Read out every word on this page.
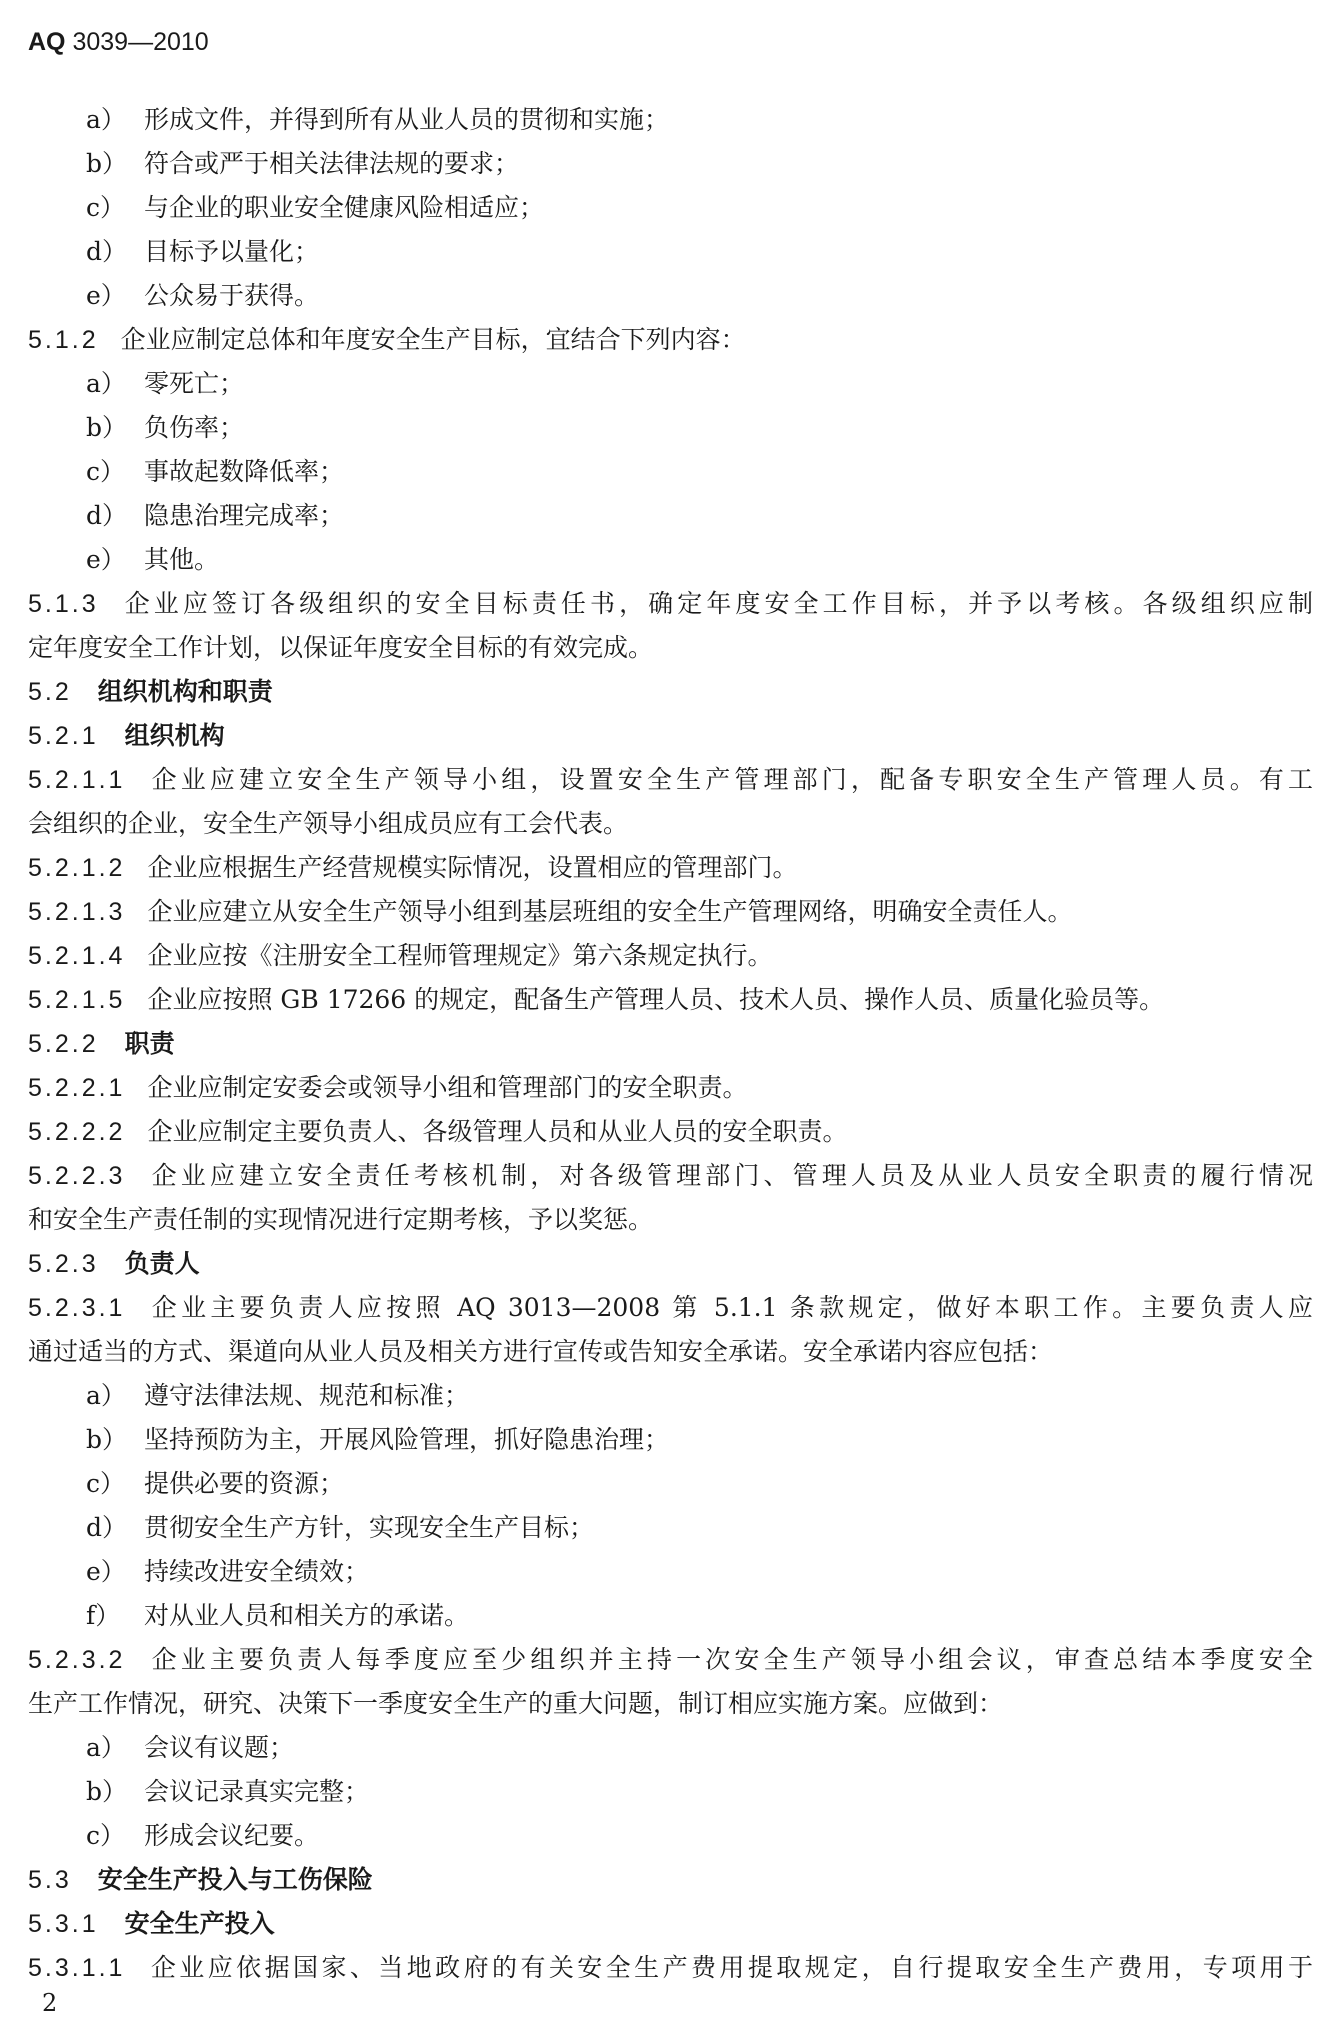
AQ 3039—2010
a） 形成文件，并得到所有从业人员的贯彻和实施；
b） 符合或严于相关法律法规的要求；
c） 与企业的职业安全健康风险相适应；
d） 目标予以量化；
e） 公众易于获得。
5.1.2 企业应制定总体和年度安全生产目标，宜结合下列内容：
a） 零死亡；
b） 负伤率；
c） 事故起数降低率；
d） 隐患治理完成率；
e） 其他。
5.1.3 企业应签订各级组织的安全目标责任书，确定年度安全工作目标，并予以考核。各级组织应制
定年度安全工作计划，以保证年度安全目标的有效完成。
5.2 组织机构和职责
5.2.1 组织机构
5.2.1.1 企业应建立安全生产领导小组，设置安全生产管理部门，配备专职安全生产管理人员。有工
会组织的企业，安全生产领导小组成员应有工会代表。
5.2.1.2 企业应根据生产经营规模实际情况，设置相应的管理部门。
5.2.1.3 企业应建立从安全生产领导小组到基层班组的安全生产管理网络，明确安全责任人。
5.2.1.4 企业应按《注册安全工程师管理规定》第六条规定执行。
5.2.1.5 企业应按照 GB 17266 的规定，配备生产管理人员、技术人员、操作人员、质量化验员等。
5.2.2 职责
5.2.2.1 企业应制定安委会或领导小组和管理部门的安全职责。
5.2.2.2 企业应制定主要负责人、各级管理人员和从业人员的安全职责。
5.2.2.3 企业应建立安全责任考核机制，对各级管理部门、管理人员及从业人员安全职责的履行情况
和安全生产责任制的实现情况进行定期考核，予以奖惩。
5.2.3 负责人
5.2.3.1 企业主要负责人应按照 AQ 3013—2008 第 5.1.1 条款规定，做好本职工作。主要负责人应
通过适当的方式、渠道向从业人员及相关方进行宣传或告知安全承诺。安全承诺内容应包括：
a） 遵守法律法规、规范和标准；
b） 坚持预防为主，开展风险管理，抓好隐患治理；
c） 提供必要的资源；
d） 贯彻安全生产方针，实现安全生产目标；
e） 持续改进安全绩效；
f） 对从业人员和相关方的承诺。
5.2.3.2 企业主要负责人每季度应至少组织并主持一次安全生产领导小组会议，审查总结本季度安全
生产工作情况，研究、决策下一季度安全生产的重大问题，制订相应实施方案。应做到：
a） 会议有议题；
b） 会议记录真实完整；
c） 形成会议纪要。
5.3 安全生产投入与工伤保险
5.3.1 安全生产投入
5.3.1.1 企业应依据国家、当地政府的有关安全生产费用提取规定，自行提取安全生产费用，专项用于
2
